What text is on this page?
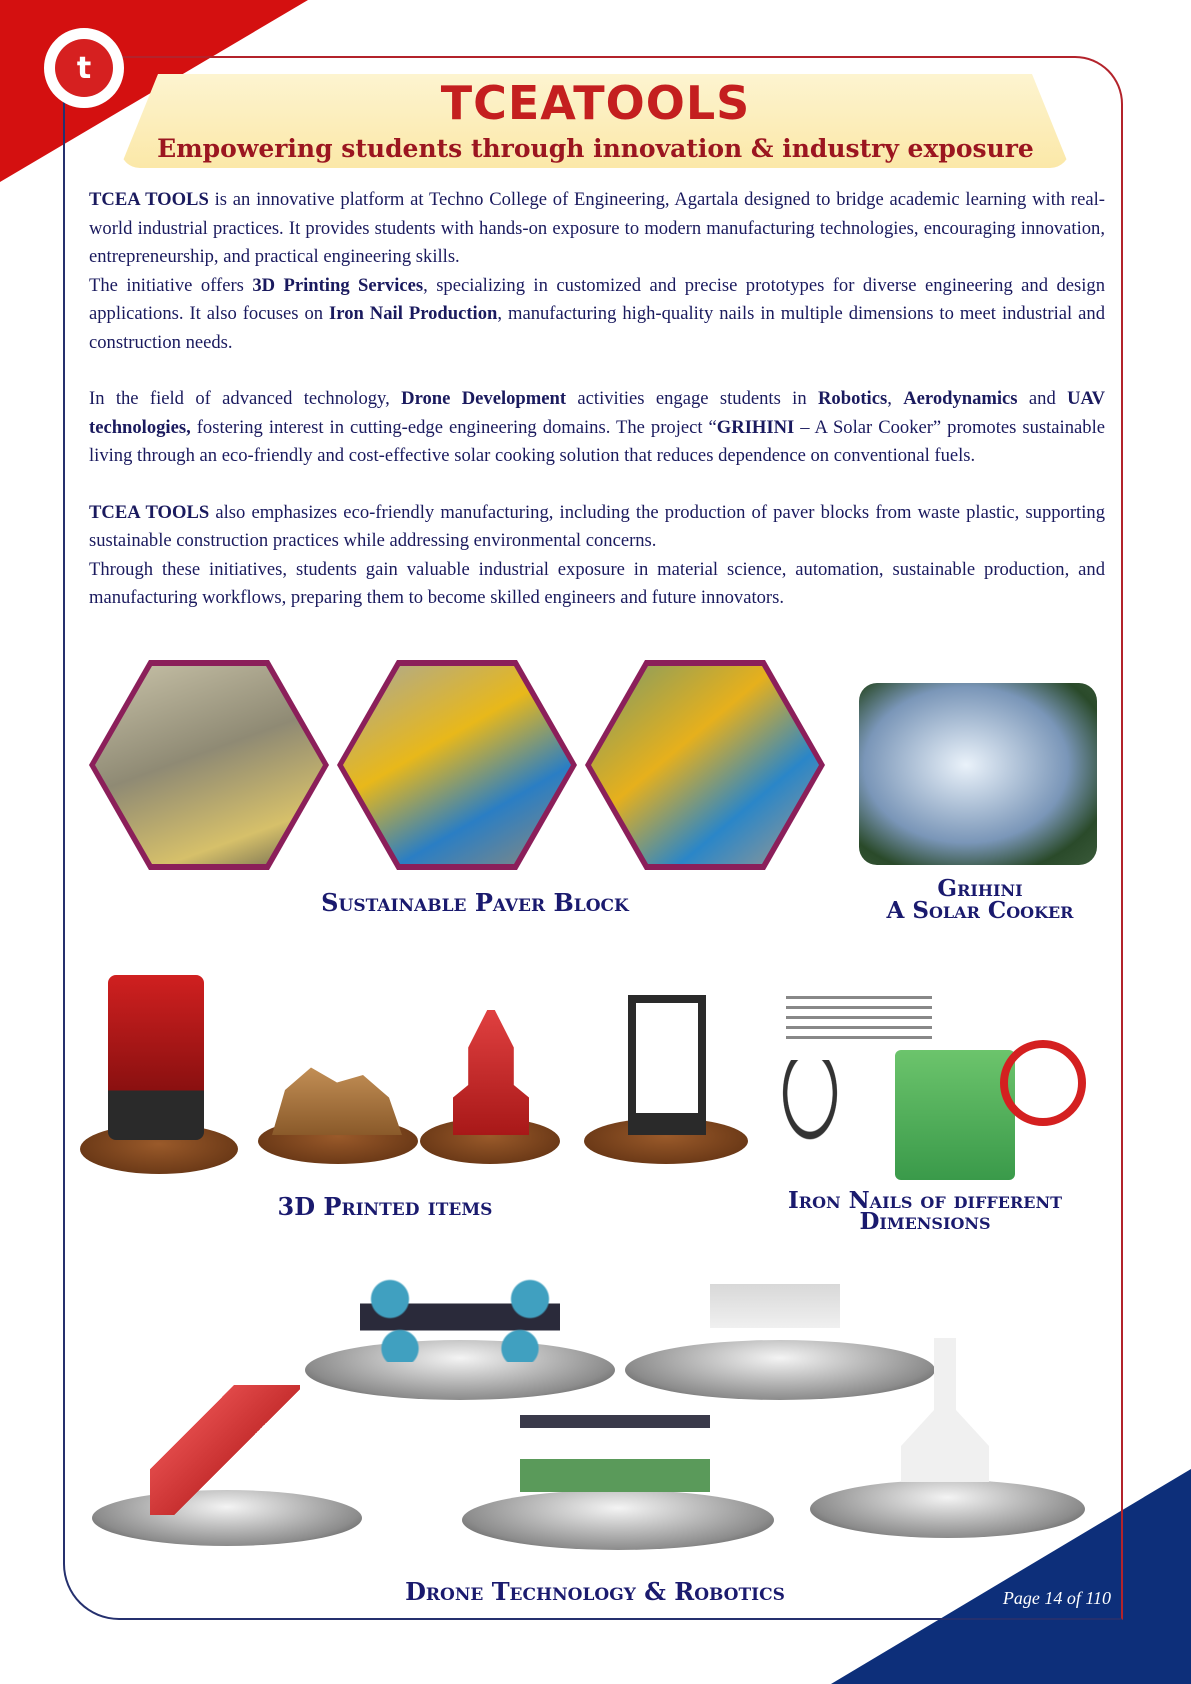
t
TCEATOOLS
Empowering students through innovation & industry exposure

TCEA TOOLS is an innovative platform at Techno College of Engineering, Agartala designed to bridge academic learning with real-world industrial practices. It provides students with hands-on exposure to modern manufacturing technologies, encouraging innovation, entrepreneurship, and practical engineering skills.

The initiative offers 3D Printing Services, specializing in customized and precise prototypes for diverse engineering and design applications. It also focuses on Iron Nail Production, manufacturing high-quality nails in multiple dimensions to meet industrial and construction needs.

In the field of advanced technology, Drone Development activities engage students in Robotics, Aerodynamics and UAV technologies, fostering interest in cutting-edge engineering domains. The project “GRIHINI – A Solar Cooker” promotes sustainable living through an eco-friendly and cost-effective solar cooking solution that reduces dependence on conventional fuels.

TCEA TOOLS also emphasizes eco-friendly manufacturing, including the production of paver blocks from waste plastic, supporting sustainable construction practices while addressing environmental concerns.

Through these initiatives, students gain valuable industrial exposure in material science, automation, sustainable production, and manufacturing workflows, preparing them to become skilled engineers and future innovators.

Sustainable Paver Block	Grihini
A Solar Cooker
3D Printed items	Iron Nails of different
Dimensions
Drone Technology & Robotics	Page 14 of 110
